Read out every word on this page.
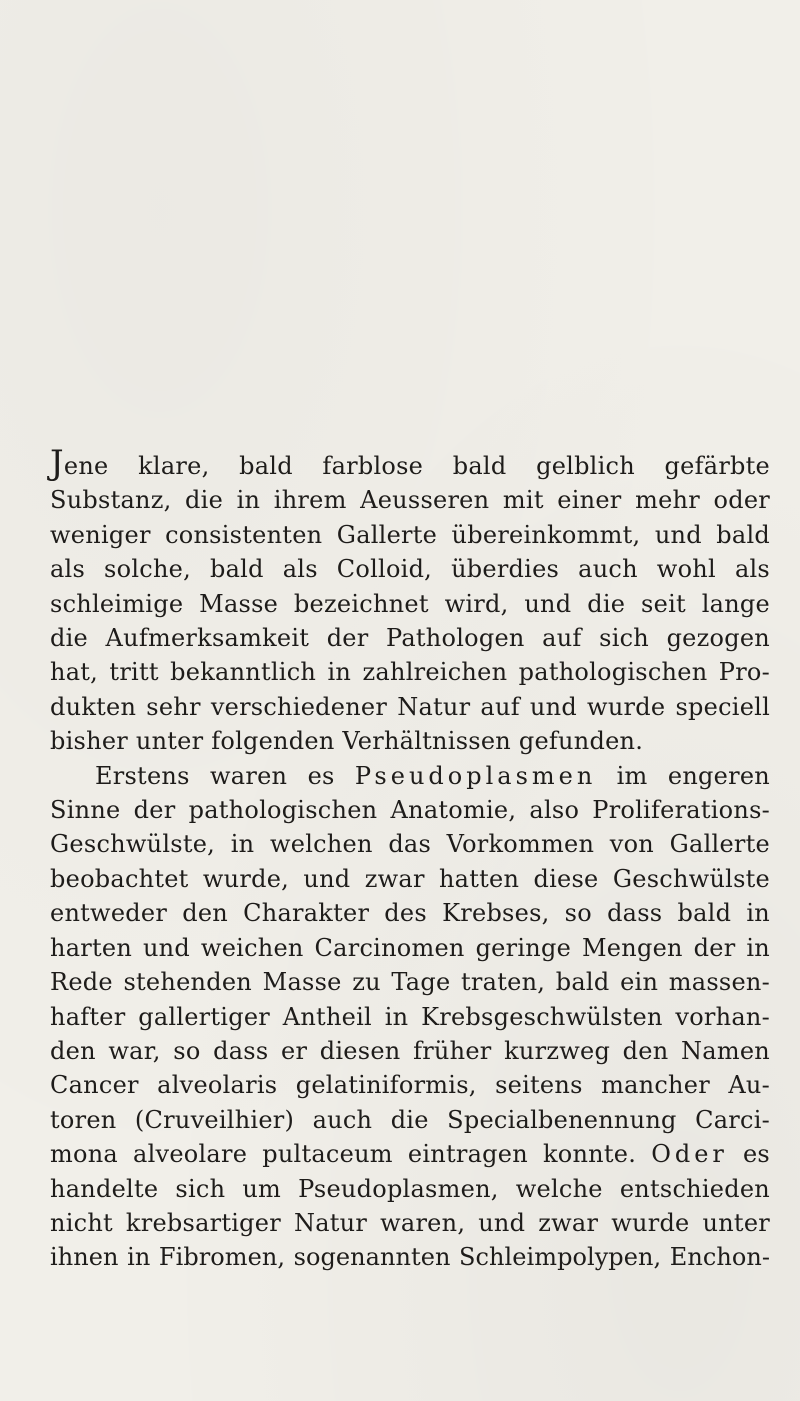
Jene klare, bald farblose bald gelblich gefärbte
Substanz, die in ihrem Aeusseren mit einer mehr oder
weniger consistenten Gallerte übereinkommt, und bald
als solche, bald als Colloid, überdies auch wohl als
schleimige Masse bezeichnet wird, und die seit lange
die Aufmerksamkeit der Pathologen auf sich gezogen
hat, tritt bekanntlich in zahlreichen pathologischen Pro-
dukten sehr verschiedener Natur auf und wurde speciell
bisher unter folgenden Verhältnissen gefunden.
Erstens waren es Pseudoplasmen im engeren
Sinne der pathologischen Anatomie, also Proliferations-
Geschwülste, in welchen das Vorkommen von Gallerte
beobachtet wurde, und zwar hatten diese Geschwülste
entweder den Charakter des Krebses, so dass bald in
harten und weichen Carcinomen geringe Mengen der in
Rede stehenden Masse zu Tage traten, bald ein massen-
hafter gallertiger Antheil in Krebsgeschwülsten vorhan-
den war, so dass er diesen früher kurzweg den Namen
Cancer alveolaris gelatiniformis, seitens mancher Au-
toren (Cruveilhier) auch die Specialbenennung Carci-
mona alveolare pultaceum eintragen konnte. Oder es
handelte sich um Pseudoplasmen, welche entschieden
nicht krebsartiger Natur waren, und zwar wurde unter
ihnen in Fibromen, sogenannten Schleimpolypen, Enchon-
